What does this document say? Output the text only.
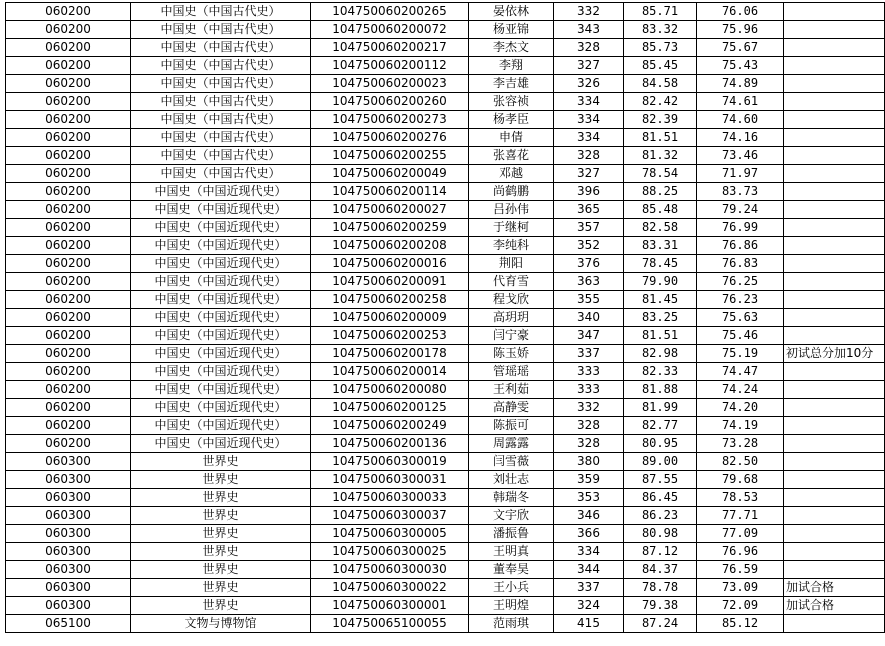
060200	中国史（中国古代史）	104750060200265	晏依林	332	85.71	76.06	
060200	中国史（中国古代史）	104750060200072	杨亚锦	343	83.32	75.96	
060200	中国史（中国古代史）	104750060200217	李杰文	328	85.73	75.67	
060200	中国史（中国古代史）	104750060200112	李翔	327	85.45	75.43	
060200	中国史（中国古代史）	104750060200023	李吉雄	326	84.58	74.89	
060200	中国史（中国古代史）	104750060200260	张容祯	334	82.42	74.61	
060200	中国史（中国古代史）	104750060200273	杨孝臣	334	82.39	74.60	
060200	中国史（中国古代史）	104750060200276	申倩	334	81.51	74.16	
060200	中国史（中国古代史）	104750060200255	张喜花	328	81.32	73.46	
060200	中国史（中国古代史）	104750060200049	邓越	327	78.54	71.97	
060200	中国史（中国近现代史）	104750060200114	尚鹤鹏	396	88.25	83.73	
060200	中国史（中国近现代史）	104750060200027	吕孙伟	365	85.48	79.24	
060200	中国史（中国近现代史）	104750060200259	于继柯	357	82.58	76.99	
060200	中国史（中国近现代史）	104750060200208	李纯科	352	83.31	76.86	
060200	中国史（中国近现代史）	104750060200016	荆阳	376	78.45	76.83	
060200	中国史（中国近现代史）	104750060200091	代育雪	363	79.90	76.25	
060200	中国史（中国近现代史）	104750060200258	程戈欣	355	81.45	76.23	
060200	中国史（中国近现代史）	104750060200009	高玥玥	340	83.25	75.63	
060200	中国史（中国近现代史）	104750060200253	闫宁豪	347	81.51	75.46	
060200	中国史（中国近现代史）	104750060200178	陈玉娇	337	82.98	75.19	初试总分加10分
060200	中国史（中国近现代史）	104750060200014	管瑶瑶	333	82.33	74.47	
060200	中国史（中国近现代史）	104750060200080	王利茹	333	81.88	74.24	
060200	中国史（中国近现代史）	104750060200125	高静雯	332	81.99	74.20	
060200	中国史（中国近现代史）	104750060200249	陈振可	328	82.77	74.19	
060200	中国史（中国近现代史）	104750060200136	周露露	328	80.95	73.28	
060300	世界史	104750060300019	闫雪薇	380	89.00	82.50	
060300	世界史	104750060300031	刘壮志	359	87.55	79.68	
060300	世界史	104750060300033	韩瑞冬	353	86.45	78.53	
060300	世界史	104750060300037	文宇欣	346	86.23	77.71	
060300	世界史	104750060300005	潘振鲁	366	80.98	77.09	
060300	世界史	104750060300025	王明真	334	87.12	76.96	
060300	世界史	104750060300030	董奉昊	344	84.37	76.59	
060300	世界史	104750060300022	王小兵	337	78.78	73.09	加试合格
060300	世界史	104750060300001	王明煌	324	79.38	72.09	加试合格
065100	文物与博物馆	104750065100055	范雨琪	415	87.24	85.12	
